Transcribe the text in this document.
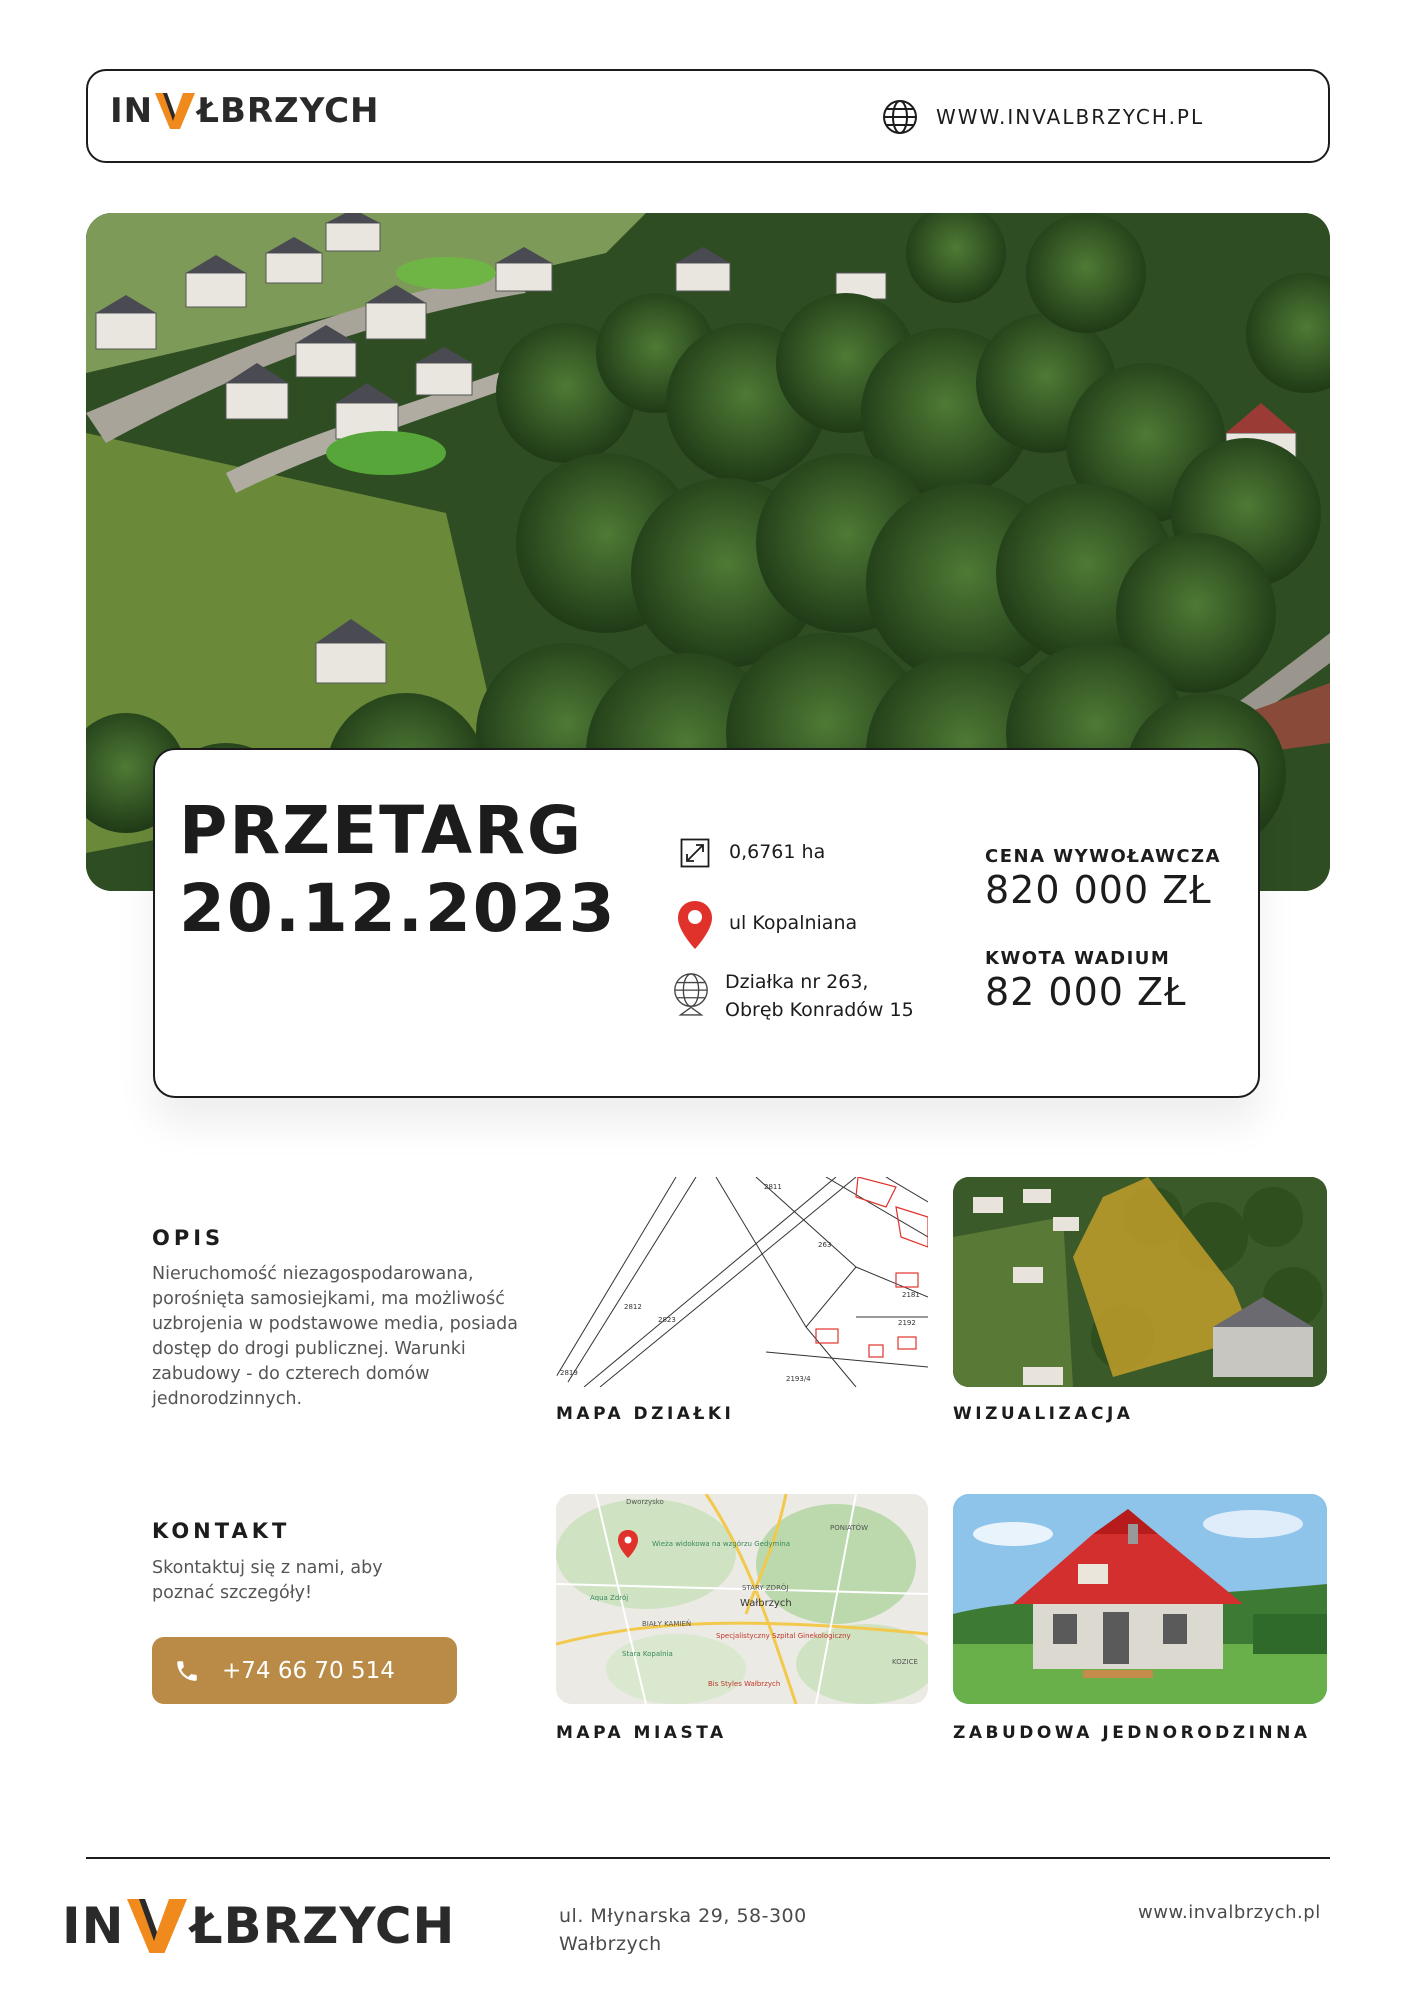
IN ŁBRZYCH	WWW.INVALBRZYCH.PL
PRZETARG
20.12.2023
0,6761 ha
ul Kopalniana
Działka nr 263,
Obręb Konradów 15
CENA WYWOŁAWCZA
820 000 ZŁ
KWOTA WADIUM
82 000 ZŁ
OPIS
Nieruchomość niezagospodarowana, porośnięta samosiejkami, ma możliwość uzbrojenia w podstawowe media, posiada dostęp do drogi publicznej. Warunki zabudowy - do czterech domów jednorodzinnych.
KONTAKT
Skontaktuj się z nami, aby poznać szczegóły!
+74 66 70 514
2811
263
2812
2823
2819
2192
2181
2193/4
MAPA DZIAŁKI	WIZUALIZACJA
Dworzysko
Wieża widokowa na wzgórzu Gedymina
Aqua Zdrój	Wałbrzych
STARY ZDRÓJ
BIAŁY KAMIEŃ
Specjalistyczny Szpital Ginekologiczny
Stara Kopalnia
Bis Styles Wałbrzych
PONIATÓW
KOZICE
MAPA MIASTA	ZABUDOWA JEDNORODZINNA
IN ŁBRZYCH	ul. Młynarska 29, 58-300
Wałbrzych
www.invalbrzych.pl
